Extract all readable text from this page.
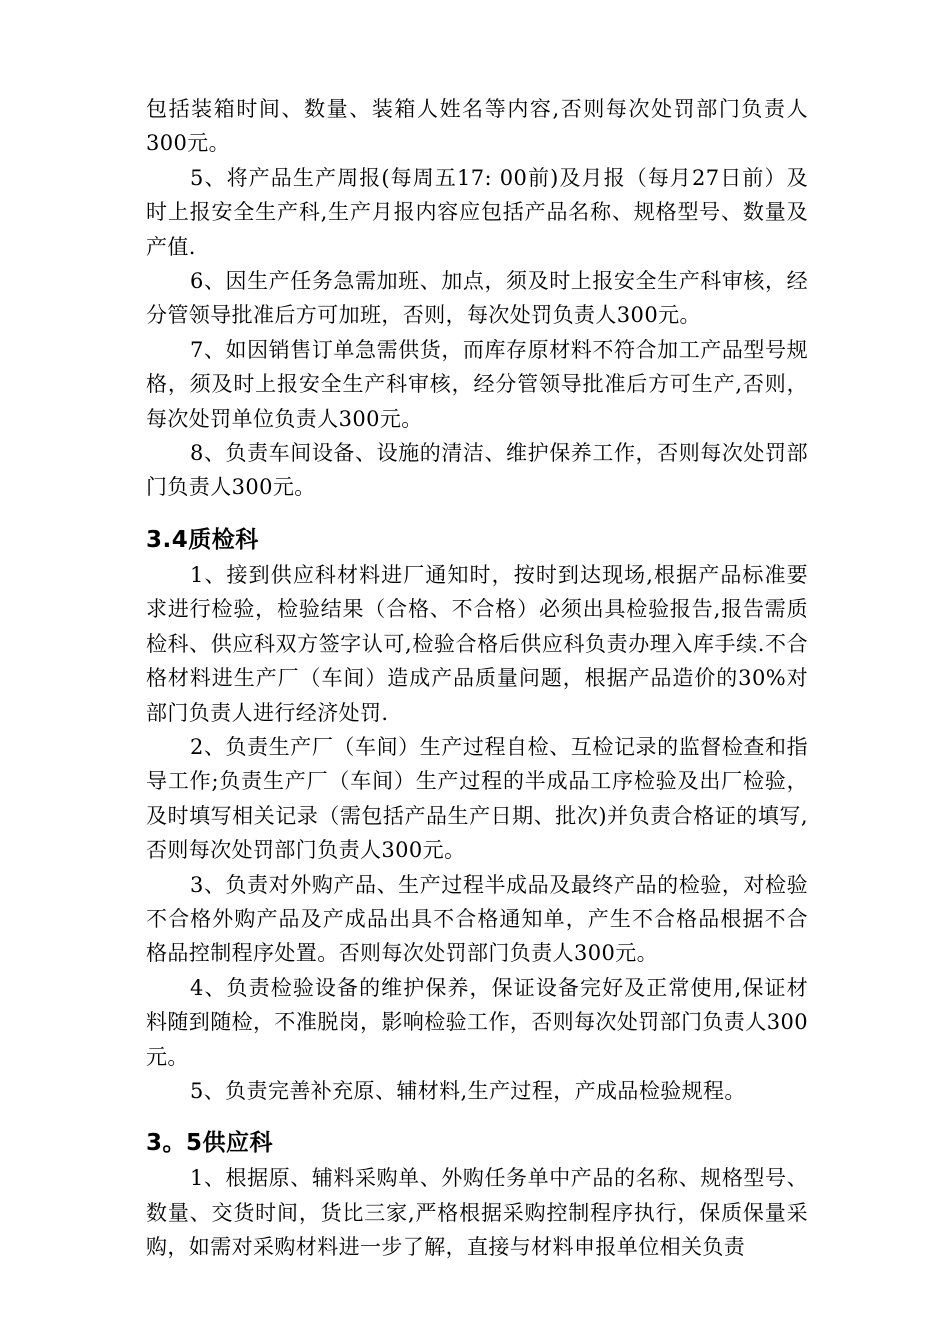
包括装箱时间、数量、装箱人姓名等内容,否则每次处罚部门负责人300元。

5、将产品生产周报(每周五17: 00前)及月报（每月27日前）及时上报安全生产科,生产月报内容应包括产品名称、规格型号、数量及产值.

6、因生产任务急需加班、加点，须及时上报安全生产科审核，经分管领导批准后方可加班，否则，每次处罚负责人300元。

7、如因销售订单急需供货，而库存原材料不符合加工产品型号规格，须及时上报安全生产科审核，经分管领导批准后方可生产,否则，每次处罚单位负责人300元。

8、负责车间设备、设施的清洁、维护保养工作，否则每次处罚部门负责人300元。

3.4质检科

1、接到供应科材料进厂通知时，按时到达现场,根据产品标准要求进行检验，检验结果（合格、不合格）必须出具检验报告,报告需质检科、供应科双方签字认可,检验合格后供应科负责办理入库手续.不合格材料进生产厂（车间）造成产品质量问题，根据产品造价的30%对部门负责人进行经济处罚.

2、负责生产厂（车间）生产过程自检、互检记录的监督检查和指导工作;负责生产厂（车间）生产过程的半成品工序检验及出厂检验，及时填写相关记录（需包括产品生产日期、批次)并负责合格证的填写,否则每次处罚部门负责人300元。

3、负责对外购产品、生产过程半成品及最终产品的检验，对检验不合格外购产品及产成品出具不合格通知单，产生不合格品根据不合格品控制程序处置。否则每次处罚部门负责人300元。

4、负责检验设备的维护保养，保证设备完好及正常使用,保证材料随到随检，不准脱岗，影响检验工作，否则每次处罚部门负责人300元。

5、负责完善补充原、辅材料,生产过程，产成品检验规程。

3。5供应科

1、根据原、辅料采购单、外购任务单中产品的名称、规格型号、数量、交货时间，货比三家,严格根据采购控制程序执行，保质保量采购，如需对采购材料进一步了解，直接与材料申报单位相关负责
